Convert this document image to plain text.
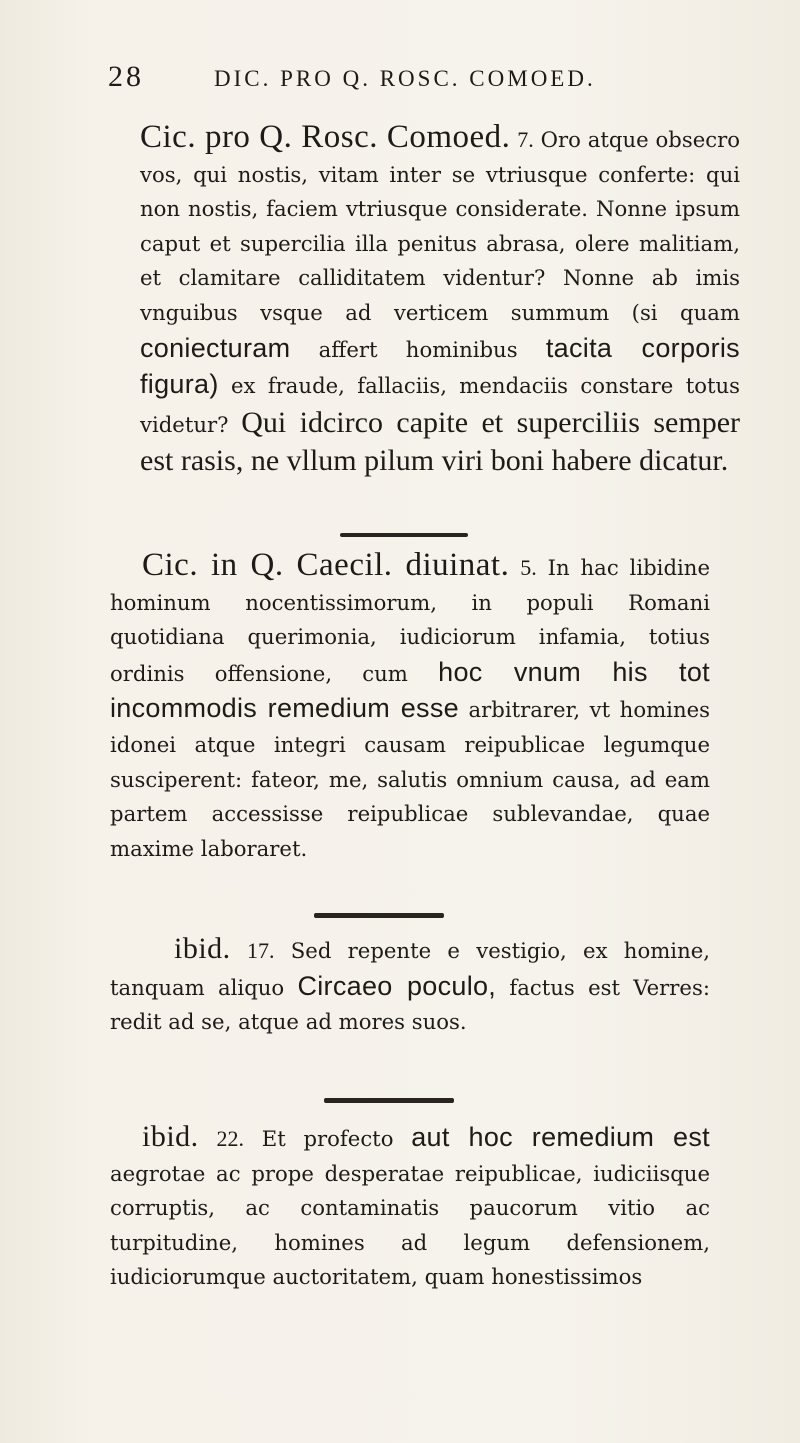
28	DIC. PRO Q. ROSC. COMOED.
Cic. pro Q. Rosc. Comoed. 7. Oro atque obsecro vos, qui nostis, vitam inter se vtriusque conferte: qui non nostis, faciem vtriusque considerate. Nonne ipsum caput et supercilia illa penitus abrasa, olere malitiam, et clamitare calliditatem videntur? Nonne ab imis vnguibus vsque ad verticem summum (si quam coniecturam affert hominibus tacita corporis figura) ex fraude, fallaciis, mendaciis constare totus videtur? Qui idcirco capite et superciliis semper est rasis, ne vllum pilum viri boni habere dicatur.
Cic. in Q. Caecil. diuinat. 5. In hac libidine hominum nocentissimorum, in populi Romani quotidiana querimonia, iudiciorum infamia, totius ordinis offensione, cum hoc vnum his tot incommodis remedium esse arbitrarer, vt homines idonei atque integri causam reipublicae legumque susciperent: fateor, me, salutis omnium causa, ad eam partem accessisse reipublicae sublevandae, quae maxime laboraret.
ibid. 17. Sed repente e vestigio, ex homine, tanquam aliquo Circaeo poculo, factus est Verres: redit ad se, atque ad mores suos.
ibid. 22. Et profecto aut hoc remedium est aegrotae ac prope desperatae reipublicae, iudiciisque corruptis, ac contaminatis paucorum vitio ac turpitudine, homines ad legum defensionem, iudiciorumque auctoritatem, quam honestissimos
